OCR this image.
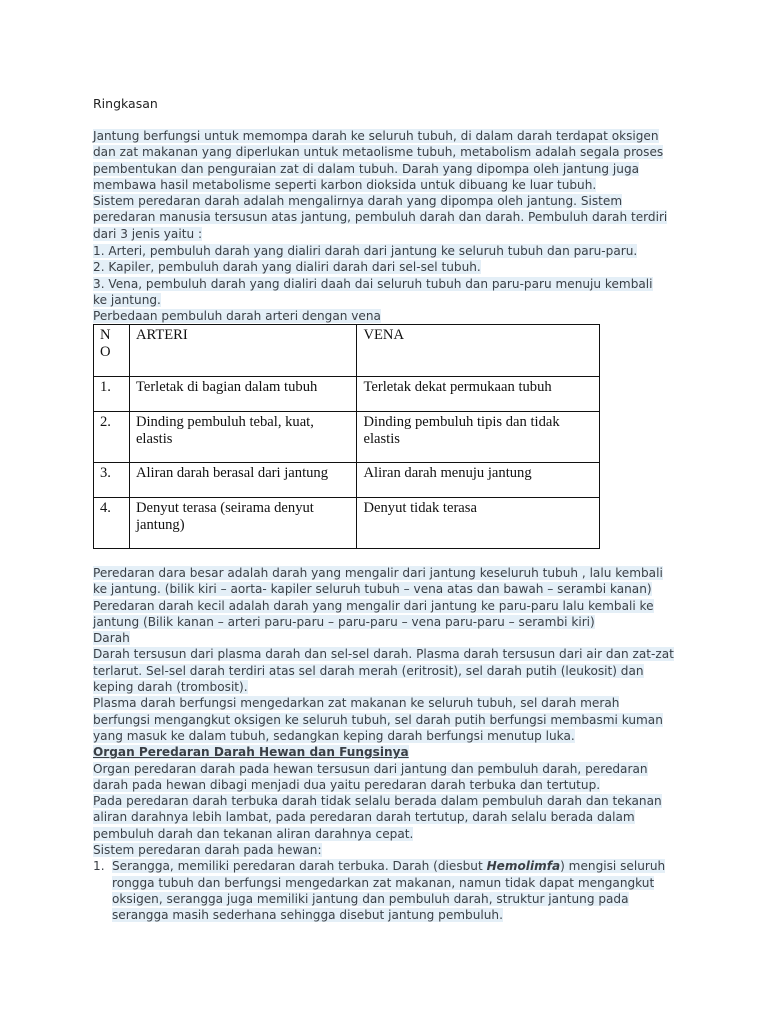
Ringkasan

Jantung berfungsi untuk memompa darah ke seluruh tubuh, di dalam darah terdapat oksigen dan zat makanan yang diperlukan untuk metaolisme tubuh, metabolism adalah segala proses pembentukan dan penguraian zat di dalam tubuh. Darah yang dipompa oleh jantung juga membawa hasil metabolisme seperti karbon dioksida untuk dibuang ke luar tubuh.

Sistem peredaran darah adalah mengalirnya darah yang dipompa oleh jantung. Sistem peredaran manusia tersusun atas jantung, pembuluh darah dan darah. Pembuluh darah terdiri dari 3 jenis yaitu :

1. Arteri, pembuluh darah yang dialiri darah dari jantung ke seluruh tubuh dan paru-paru.
2. Kapiler, pembuluh darah yang dialiri darah dari sel-sel tubuh.
3. Vena, pembuluh darah yang dialiri daah dai seluruh tubuh dan paru-paru menuju kembali ke jantung.
Perbedaan pembuluh darah arteri dengan vena
N
O	ARTERI	VENA
1.	Terletak di bagian dalam tubuh	Terletak dekat permukaan tubuh
2.	Dinding pembuluh tebal, kuat, elastis	Dinding pembuluh tipis dan tidak elastis
3.	Aliran darah berasal dari jantung	Aliran darah menuju jantung
4.	Denyut terasa (seirama denyut jantung)	Denyut tidak terasa

Peredaran dara besar adalah darah yang mengalir dari jantung keseluruh tubuh , lalu kembali ke jantung. (bilik kiri – aorta- kapiler seluruh tubuh – vena atas dan bawah – serambi kanan)

Peredaran darah kecil adalah darah yang mengalir dari jantung ke paru-paru lalu kembali ke jantung (Bilik kanan – arteri paru-paru – paru-paru – vena paru-paru – serambi kiri)

Darah

Darah tersusun dari plasma darah dan sel-sel darah. Plasma darah tersusun dari air dan zat-zat terlarut. Sel-sel darah terdiri atas sel darah merah (eritrosit), sel darah putih (leukosit) dan keping darah (trombosit).

Plasma darah berfungsi mengedarkan zat makanan ke seluruh tubuh, sel darah merah berfungsi mengangkut oksigen ke seluruh tubuh, sel darah putih berfungsi membasmi kuman yang masuk ke dalam tubuh, sedangkan keping darah berfungsi menutup luka.

Organ Peredaran Darah Hewan dan Fungsinya

Organ peredaran darah pada hewan tersusun dari jantung dan pembuluh darah, peredaran darah pada hewan dibagi menjadi dua yaitu peredaran darah terbuka dan tertutup.

Pada peredaran darah terbuka darah tidak selalu berada dalam pembuluh darah dan tekanan aliran darahnya lebih lambat, pada peredaran darah tertutup, darah selalu berada dalam pembuluh darah dan tekanan aliran darahnya cepat.

Sistem peredaran darah pada hewan:

1. Serangga, memiliki peredaran darah terbuka. Darah (diesbut Hemolimfa) mengisi seluruh rongga tubuh dan berfungsi mengedarkan zat makanan, namun tidak dapat mengangkut oksigen, serangga juga memiliki jantung dan pembuluh darah, struktur jantung pada serangga masih sederhana sehingga disebut jantung pembuluh.
